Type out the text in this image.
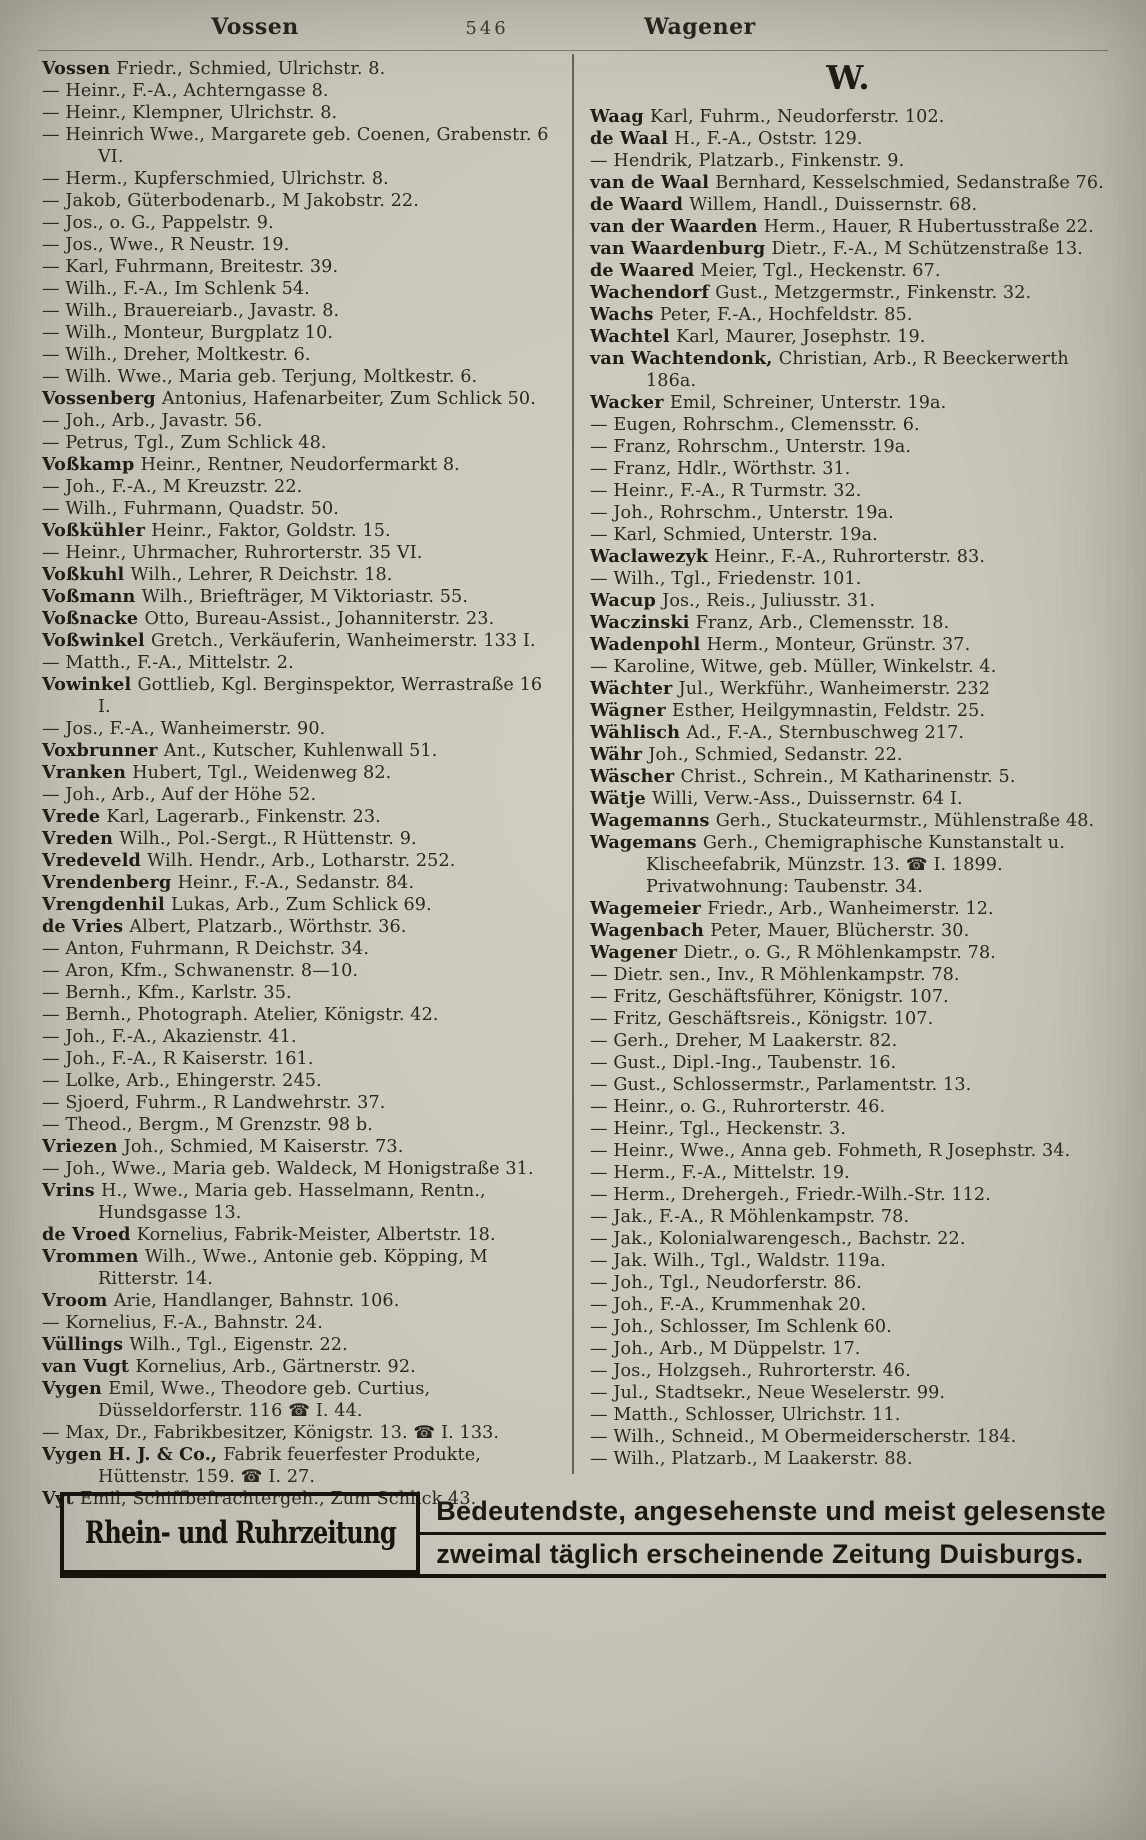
Vossen	546	Wagener
Vossen Friedr., Schmied, Ulrichstr. 8.
— Heinr., F.-A., Achterngasse 8.
— Heinr., Klempner, Ulrichstr. 8.
— Heinrich Wwe., Margarete geb. Coenen, Grabenstr. 6 VI.
— Herm., Kupferschmied, Ulrichstr. 8.
— Jakob, Güterbodenarb., M Jakobstr. 22.
— Jos., o. G., Pappelstr. 9.
— Jos., Wwe., R Neustr. 19.
— Karl, Fuhrmann, Breitestr. 39.
— Wilh., F.-A., Im Schlenk 54.
— Wilh., Brauereiarb., Javastr. 8.
— Wilh., Monteur, Burgplatz 10.
— Wilh., Dreher, Moltkestr. 6.
— Wilh. Wwe., Maria geb. Terjung, Moltkestr. 6.
Vossenberg Antonius, Hafenarbeiter, Zum Schlick 50.
— Joh., Arb., Javastr. 56.
— Petrus, Tgl., Zum Schlick 48.
Voßkamp Heinr., Rentner, Neudorfermarkt 8.
— Joh., F.-A., M Kreuzstr. 22.
— Wilh., Fuhrmann, Quadstr. 50.
Voßkühler Heinr., Faktor, Goldstr. 15.
— Heinr., Uhrmacher, Ruhrorterstr. 35 VI.
Voßkuhl Wilh., Lehrer, R Deichstr. 18.
Voßmann Wilh., Briefträger, M Viktoriastr. 55.
Voßnacke Otto, Bureau-Assist., Johanniterstr. 23.
Voßwinkel Gretch., Verkäuferin, Wanheimerstr. 133 I.
— Matth., F.-A., Mittelstr. 2.
Vowinkel Gottlieb, Kgl. Berginspektor, Werrastraße 16 I.
— Jos., F.-A., Wanheimerstr. 90.
Voxbrunner Ant., Kutscher, Kuhlenwall 51.
Vranken Hubert, Tgl., Weidenweg 82.
— Joh., Arb., Auf der Höhe 52.
Vrede Karl, Lagerarb., Finkenstr. 23.
Vreden Wilh., Pol.-Sergt., R Hüttenstr. 9.
Vredeveld Wilh. Hendr., Arb., Lotharstr. 252.
Vrendenberg Heinr., F.-A., Sedanstr. 84.
Vrengdenhil Lukas, Arb., Zum Schlick 69.
de Vries Albert, Platzarb., Wörthstr. 36.
— Anton, Fuhrmann, R Deichstr. 34.
— Aron, Kfm., Schwanenstr. 8—10.
— Bernh., Kfm., Karlstr. 35.
— Bernh., Photograph. Atelier, Königstr. 42.
— Joh., F.-A., Akazienstr. 41.
— Joh., F.-A., R Kaiserstr. 161.
— Lolke, Arb., Ehingerstr. 245.
— Sjoerd, Fuhrm., R Landwehrstr. 37.
— Theod., Bergm., M Grenzstr. 98 b.
Vriezen Joh., Schmied, M Kaiserstr. 73.
— Joh., Wwe., Maria geb. Waldeck, M Honigstraße 31.
Vrins H., Wwe., Maria geb. Hasselmann, Rentn., Hundsgasse 13.
de Vroed Kornelius, Fabrik-Meister, Albertstr. 18.
Vrommen Wilh., Wwe., Antonie geb. Köpping, M Ritterstr. 14.
Vroom Arie, Handlanger, Bahnstr. 106.
— Kornelius, F.-A., Bahnstr. 24.
Vüllings Wilh., Tgl., Eigenstr. 22.
van Vugt Kornelius, Arb., Gärtnerstr. 92.
Vygen Emil, Wwe., Theodore geb. Curtius, Düsseldorferstr. 116 ☎ I. 44.
— Max, Dr., Fabrikbesitzer, Königstr. 13. ☎ I. 133.
Vygen H. J. & Co., Fabrik feuerfester Produkte, Hüttenstr. 159. ☎ I. 27.
Vyt Emil, Schiffbefrachtergeh., Zum Schlick 43.
W.
Waag Karl, Fuhrm., Neudorferstr. 102.
de Waal H., F.-A., Oststr. 129.
— Hendrik, Platzarb., Finkenstr. 9.
van de Waal Bernhard, Kesselschmied, Sedanstraße 76.
de Waard Willem, Handl., Duissernstr. 68.
van der Waarden Herm., Hauer, R Hubertusstraße 22.
van Waardenburg Dietr., F.-A., M Schützenstraße 13.
de Waared Meier, Tgl., Heckenstr. 67.
Wachendorf Gust., Metzgermstr., Finkenstr. 32.
Wachs Peter, F.-A., Hochfeldstr. 85.
Wachtel Karl, Maurer, Josephstr. 19.
van Wachtendonk, Christian, Arb., R Beeckerwerth 186a.
Wacker Emil, Schreiner, Unterstr. 19a.
— Eugen, Rohrschm., Clemensstr. 6.
— Franz, Rohrschm., Unterstr. 19a.
— Franz, Hdlr., Wörthstr. 31.
— Heinr., F.-A., R Turmstr. 32.
— Joh., Rohrschm., Unterstr. 19a.
— Karl, Schmied, Unterstr. 19a.
Waclawezyk Heinr., F.-A., Ruhrorterstr. 83.
— Wilh., Tgl., Friedenstr. 101.
Wacup Jos., Reis., Juliusstr. 31.
Waczinski Franz, Arb., Clemensstr. 18.
Wadenpohl Herm., Monteur, Grünstr. 37.
— Karoline, Witwe, geb. Müller, Winkelstr. 4.
Wächter Jul., Werkführ., Wanheimerstr. 232
Wägner Esther, Heilgymnastin, Feldstr. 25.
Wählisch Ad., F.-A., Sternbuschweg 217.
Währ Joh., Schmied, Sedanstr. 22.
Wäscher Christ., Schrein., M Katharinenstr. 5.
Wätje Willi, Verw.-Ass., Duissernstr. 64 I.
Wagemanns Gerh., Stuckateurmstr., Mühlenstraße 48.
Wagemans Gerh., Chemigraphische Kunstanstalt u. Klischeefabrik, Münzstr. 13. ☎ I. 1899. Privatwohnung: Taubenstr. 34.
Wagemeier Friedr., Arb., Wanheimerstr. 12.
Wagenbach Peter, Mauer, Blücherstr. 30.
Wagener Dietr., o. G., R Möhlenkampstr. 78.
— Dietr. sen., Inv., R Möhlenkampstr. 78.
— Fritz, Geschäftsführer, Königstr. 107.
— Fritz, Geschäftsreis., Königstr. 107.
— Gerh., Dreher, M Laakerstr. 82.
— Gust., Dipl.-Ing., Taubenstr. 16.
— Gust., Schlossermstr., Parlamentstr. 13.
— Heinr., o. G., Ruhrorterstr. 46.
— Heinr., Tgl., Heckenstr. 3.
— Heinr., Wwe., Anna geb. Fohmeth, R Josephstr. 34.
— Herm., F.-A., Mittelstr. 19.
— Herm., Drehergeh., Friedr.-Wilh.-Str. 112.
— Jak., F.-A., R Möhlenkampstr. 78.
— Jak., Kolonialwarengesch., Bachstr. 22.
— Jak. Wilh., Tgl., Waldstr. 119a.
— Joh., Tgl., Neudorferstr. 86.
— Joh., F.-A., Krummenhak 20.
— Joh., Schlosser, Im Schlenk 60.
— Joh., Arb., M Düppelstr. 17.
— Jos., Holzgseh., Ruhrorterstr. 46.
— Jul., Stadtsekr., Neue Weselerstr. 99.
— Matth., Schlosser, Ulrichstr. 11.
— Wilh., Schneid., M Obermeiderscherstr. 184.
— Wilh., Platzarb., M Laakerstr. 88.
Rhein- und Ruhrzeitung
Bedeutendste, angesehenste und meist gelesenste
zweimal täglich erscheinende Zeitung Duisburgs.
